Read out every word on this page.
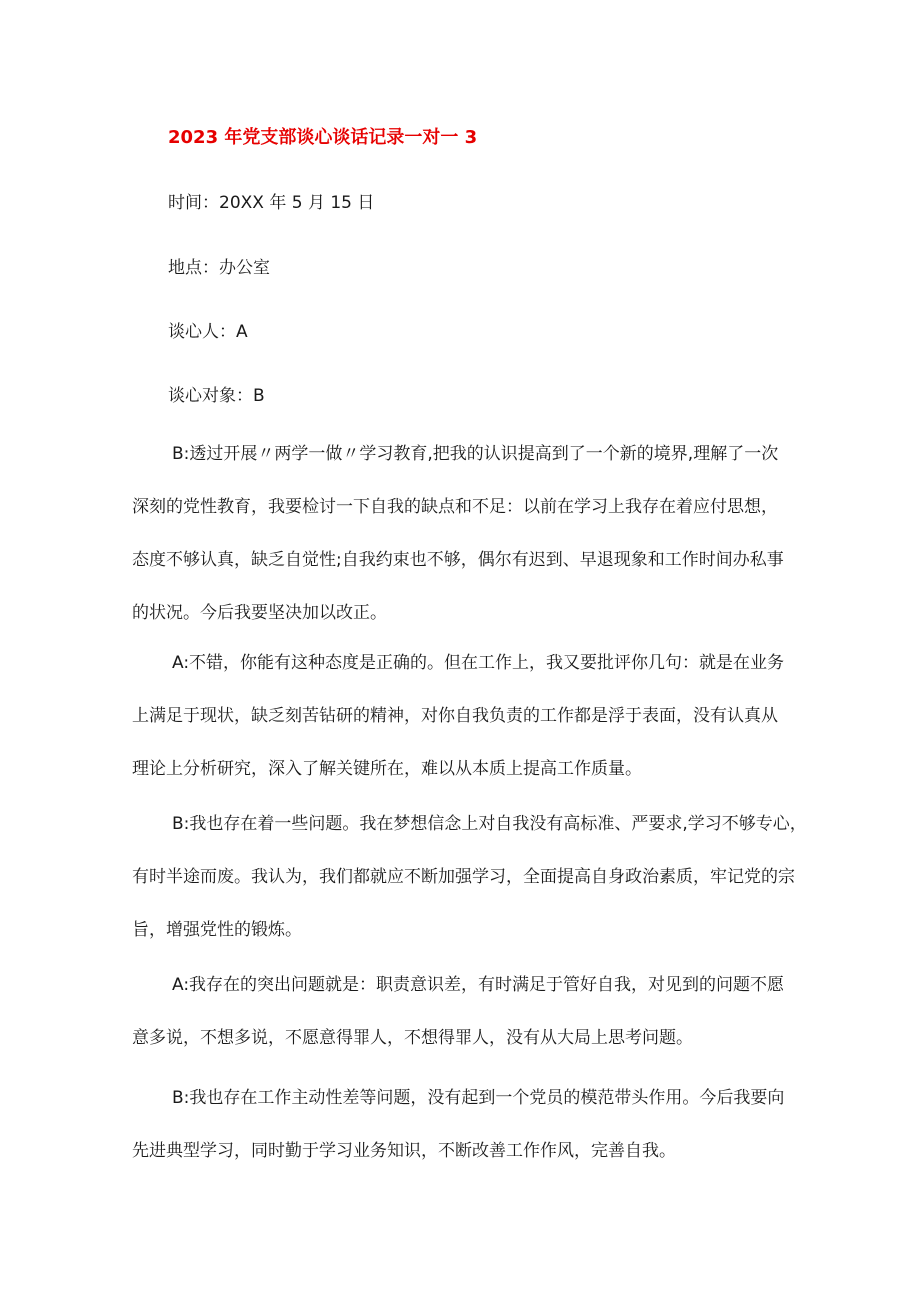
2023 年党支部谈心谈话记录一对一 3
时间：20XX 年 5 月 15 日
地点：办公室
谈心人：A
谈心对象：B
B:透过开展〃两学一做〃学习教育,把我的认识提高到了一个新的境界,理解了一次
深刻的党性教育，我要检讨一下自我的缺点和不足：以前在学习上我存在着应付思想，
态度不够认真，缺乏自觉性;自我约束也不够，偶尔有迟到、早退现象和工作时间办私事
的状况。今后我要坚决加以改正。
A:不错，你能有这种态度是正确的。但在工作上，我又要批评你几句：就是在业务
上满足于现状，缺乏刻苦钻研的精神，对你自我负责的工作都是浮于表面，没有认真从
理论上分析研究，深入了解关键所在，难以从本质上提高工作质量。
B:我也存在着一些问题。我在梦想信念上对自我没有高标准、严要求,学习不够专心，
有时半途而废。我认为，我们都就应不断加强学习，全面提高自身政治素质，牢记党的宗
旨，增强党性的锻炼。
A:我存在的突出问题就是：职责意识差，有时满足于管好自我，对见到的问题不愿
意多说，不想多说，不愿意得罪人，不想得罪人，没有从大局上思考问题。
B:我也存在工作主动性差等问题，没有起到一个党员的模范带头作用。今后我要向
先进典型学习，同时勤于学习业务知识，不断改善工作作风，完善自我。
